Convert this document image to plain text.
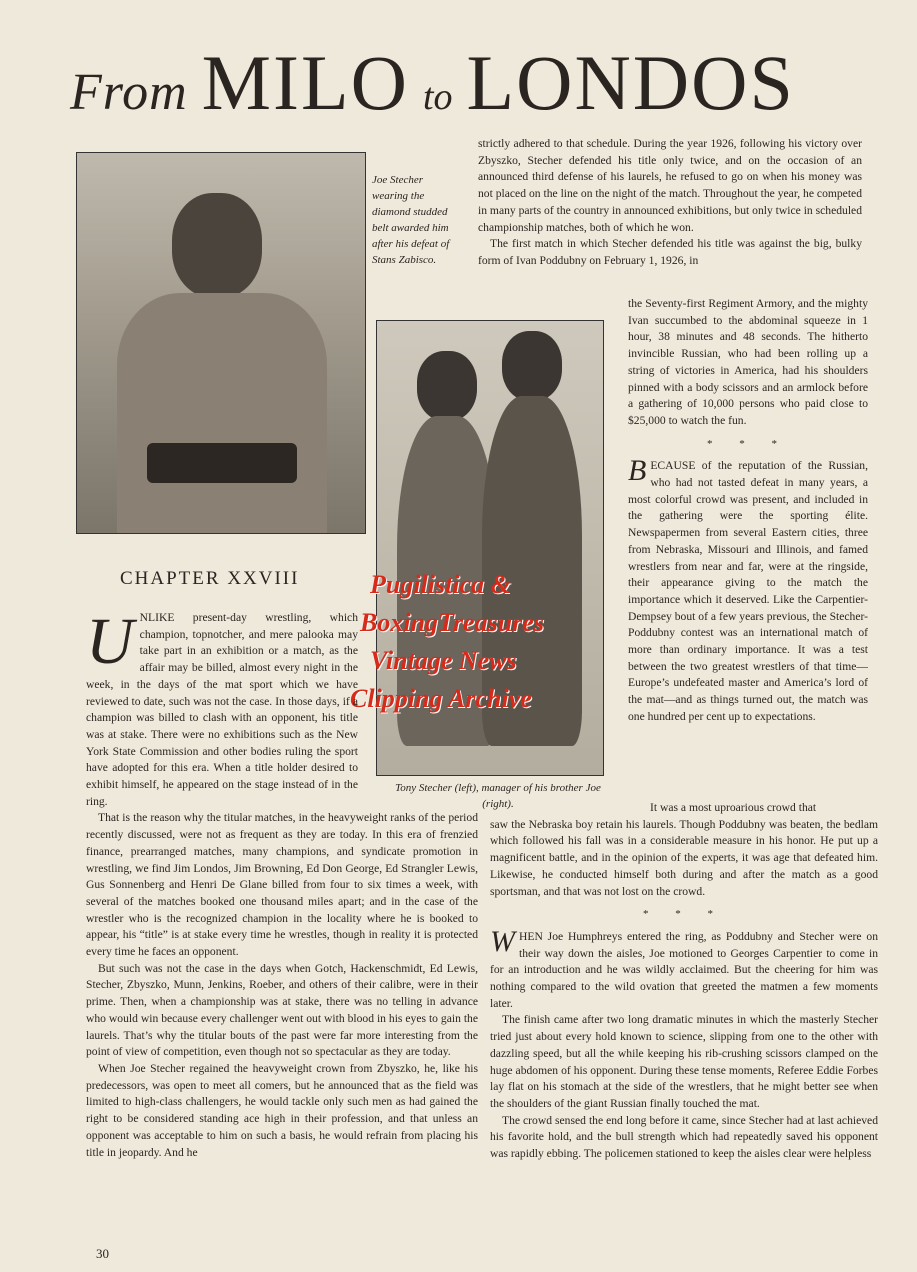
From MILO to LONDOS
Joe Stecher wearing the diamond studded belt awarded him after his defeat of Stans Zabisco.
Tony Stecher (left), manager of his brother Joe (right).
Pugilistica &
BoxingTreasures
Vintage News
Clipping Archive
CHAPTER XXVIII

UNLIKE present-day wrestling, which champion, topnotcher, and mere palooka may take part in an exhibition or a match, as the affair may be billed, almost every night in the week, in the days of the mat sport which we have reviewed to date, such was not the case. In those days, if a champion was billed to clash with an opponent, his title was at stake. There were no exhibitions such as the New York State Commission and other bodies ruling the sport have adopted for this era. When a title holder desired to exhibit himself, he appeared on the stage instead of in the ring.

That is the reason why the titular matches, in the heavyweight ranks of the period recently discussed, were not as frequent as they are today. In this era of frenzied finance, prearranged matches, many champions, and syndicate promotion in wrestling, we find Jim Londos, Jim Browning, Ed Don George, Ed Strangler Lewis, Gus Sonnenberg and Henri De Glane billed from four to six times a week, with several of the matches booked one thousand miles apart; and in the case of the wrestler who is the recognized champion in the locality where he is booked to appear, his “title” is at stake every time he wrestles, though in reality it is protected every time he faces an opponent.

But such was not the case in the days when Gotch, Hackenschmidt, Ed Lewis, Stecher, Zbyszko, Munn, Jenkins, Roeber, and others of their calibre, were in their prime. Then, when a championship was at stake, there was no telling in advance who would win because every challenger went out with blood in his eyes to gain the laurels. That’s why the titular bouts of the past were far more interesting from the point of view of competition, even though not so spectacular as they are today.

When Joe Stecher regained the heavyweight crown from Zbyszko, he, like his predecessors, was open to meet all comers, but he announced that as the field was limited to high-class challengers, he would tackle only such men as had gained the right to be considered standing ace high in their profession, and that unless an opponent was acceptable to him on such a basis, he would refrain from placing his title in jeopardy. And he

strictly adhered to that schedule. During the year 1926, following his victory over Zbyszko, Stecher defended his title only twice, and on the occasion of an announced third defense of his laurels, he refused to go on when his money was not placed on the line on the night of the match. Throughout the year, he competed in many parts of the country in announced exhibitions, but only twice in scheduled championship matches, both of which he won.

The first match in which Stecher defended his title was against the big, bulky form of Ivan Poddubny on February 1, 1926, in

the Seventy-first Regiment Armory, and the mighty Ivan succumbed to the abdominal squeeze in 1 hour, 38 minutes and 48 seconds. The hitherto invincible Russian, who had been rolling up a string of victories in America, had his shoulders pinned with a body scissors and an armlock before a gathering of 10,000 persons who paid close to $25,000 to watch the fun.

* * *

BECAUSE of the reputation of the Russian, who had not tasted defeat in many years, a most colorful crowd was present, and included in the gathering were the sporting élite. Newspapermen from several Eastern cities, three from Nebraska, Missouri and Illinois, and famed wrestlers from near and far, were at the ringside, their appearance giving to the match the importance which it deserved. Like the Carpentier-Dempsey bout of a few years previous, the Stecher-Poddubny contest was an international match of more than ordinary importance. It was a test between the two greatest wrestlers of that time—Europe’s undefeated master and America’s lord of the mat—and as things turned out, the match was one hundred per cent up to expectations.

It was a most uproarious crowd that

saw the Nebraska boy retain his laurels. Though Poddubny was beaten, the bedlam which followed his fall was in a considerable measure in his honor. He put up a magnificent battle, and in the opinion of the experts, it was age that defeated him. Likewise, he conducted himself both during and after the match as a good sportsman, and that was not lost on the crowd.

* * *

WHEN Joe Humphreys entered the ring, as Poddubny and Stecher were on their way down the aisles, Joe motioned to Georges Carpentier to come in for an introduction and he was wildly acclaimed. But the cheering for him was nothing compared to the wild ovation that greeted the matmen a few moments later.

The finish came after two long dramatic minutes in which the masterly Stecher tried just about every hold known to science, slipping from one to the other with dazzling speed, but all the while keeping his rib-crushing scissors clamped on the huge abdomen of his opponent. During these tense moments, Referee Eddie Forbes lay flat on his stomach at the side of the wrestlers, that he might better see when the shoulders of the giant Russian finally touched the mat.

The crowd sensed the end long before it came, since Stecher had at last achieved his favorite hold, and the bull strength which had repeatedly saved his opponent was rapidly ebbing. The policemen stationed to keep the aisles clear were helpless

30
